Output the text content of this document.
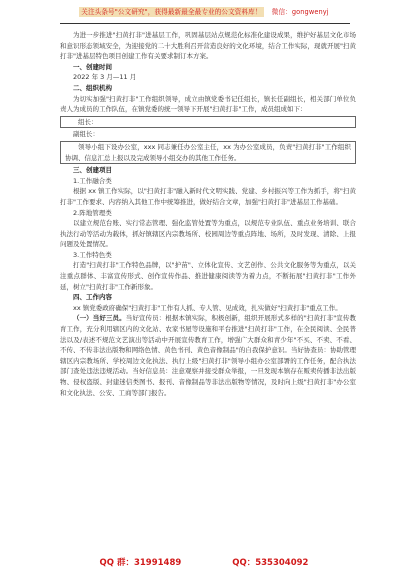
关注头条号"公文研究"，获得最新最全最专业的公文资料库！ 微信：gongwenyj

为进一步推进"扫黄打非"进基层工作，巩固基层站点规范化标准化建设成果，维护好基层文化市场和意识形态领域安全，为迎接党的二十大胜利召开营造良好的文化环境，结合工作实际，现就开展"扫黄打非"进基层特色项目创建工作有关要求制订本方案。

一、创建时间

2022 年 3 月—11 月

二、组织机构

为切实加强"扫黄打非"工作组织领导，成立由镇党委书记任组长，镇长任副组长，相关部门单位负责人为成员的工作队伍，在镇党委的统一领导下开展"扫黄打非"工作，成员组成如下：

组长：

副组长：

领导小组下设办公室，xxx 同志兼任办公室主任，xx 为办公室成员，负责"扫黄打非"工作组织协调、信息汇总上报以及完成领导小组交办的其他工作任务。

三、创建项目

1.工作融合类

根据 xx 镇工作实际，以"扫黄打非"融入新时代文明实践、党建、乡村振兴等工作为抓手，将"扫黄打非"工作要求、内容纳入其他工作中统筹推进，做好结合文章，加强"扫黄打非"进基层工作基础。

2.阵地管理类

以建立规范台账、实行常态管理、强化监管处置等为重点，以规范专业队伍、重点业务培训、联合执法行动等活动为载体，抓好镇辖区内宗教场所、校园周边等重点阵地、场所，及时发现、清除、上报问题及处置情况。

3.工作特色类

打造"扫黄打非"工作特色品牌，以"护苗"、立体化宣传、文艺创作、公共文化服务等为重点，以关注重点群体、丰富宣传形式、创作宣传作品、推进健康阅读等为着力点，不断拓展"扫黄打非"工作外延，树立"扫黄打非"工作新形象。

四、工作内容

xx 镇党委政府确保"扫黄打非"工作有人抓、专人管、见成效，扎实做好"扫黄打非"重点工作。

（一）当好三员。当好宣传员：根据本镇实际，积极创新，组织开展形式多样的"扫黄打非"宣传教育工作，充分利用辖区内的文化站、农家书屋等设施和平台推进"扫黄打非"工作，在全民阅读、全民普法以及/表述不规范文艺演出等活动中开展宣传教育工作，增强广大群众和青少年"不买、不卖、不看、不传、不传非法出版物和网络色情、黄色书刊、黄色音像制品"的自我保护意识。当好协查员：协助管理辖区内宗教场所、学校周边文化执法、执行上级"扫黄打非"领导小组办公室部署的工作任务，配合执法部门查处违法违规活动。当好信息员：注意观察并接受群众举报，一旦发现本镇存在贩卖传播非法出版物、侵权盗版、封建迷信类图书、报刊、音像制品等非法出版物等情况，及时向上级"扫黄打非"办公室和文化执法、公安、工商等部门报告。

QQ 群：31991489	QQ：535304092
